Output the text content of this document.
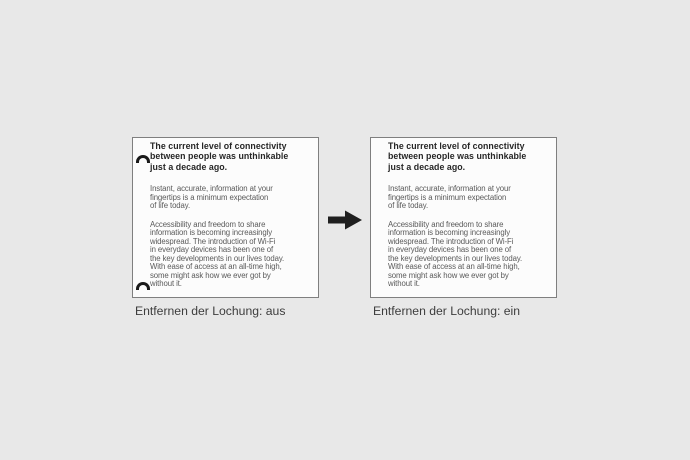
The current level of connectivity
between people was unthinkable
just a decade ago.

Instant, accurate, information at your
fingertips is a minimum expectation
of life today.

Accessibility and freedom to share
information is becoming increasingly
widespread. The introduction of Wi-Fi
in everyday devices has been one of
the key developments in our lives today.
With ease of access at an all-time high,
some might ask how we ever got by
without it.

Entfernen der Lochung: aus
The current level of connectivity
between people was unthinkable
just a decade ago.

Instant, accurate, information at your
fingertips is a minimum expectation
of life today.

Accessibility and freedom to share
information is becoming increasingly
widespread. The introduction of Wi-Fi
in everyday devices has been one of
the key developments in our lives today.
With ease of access at an all-time high,
some might ask how we ever got by
without it.

Entfernen der Lochung: ein
